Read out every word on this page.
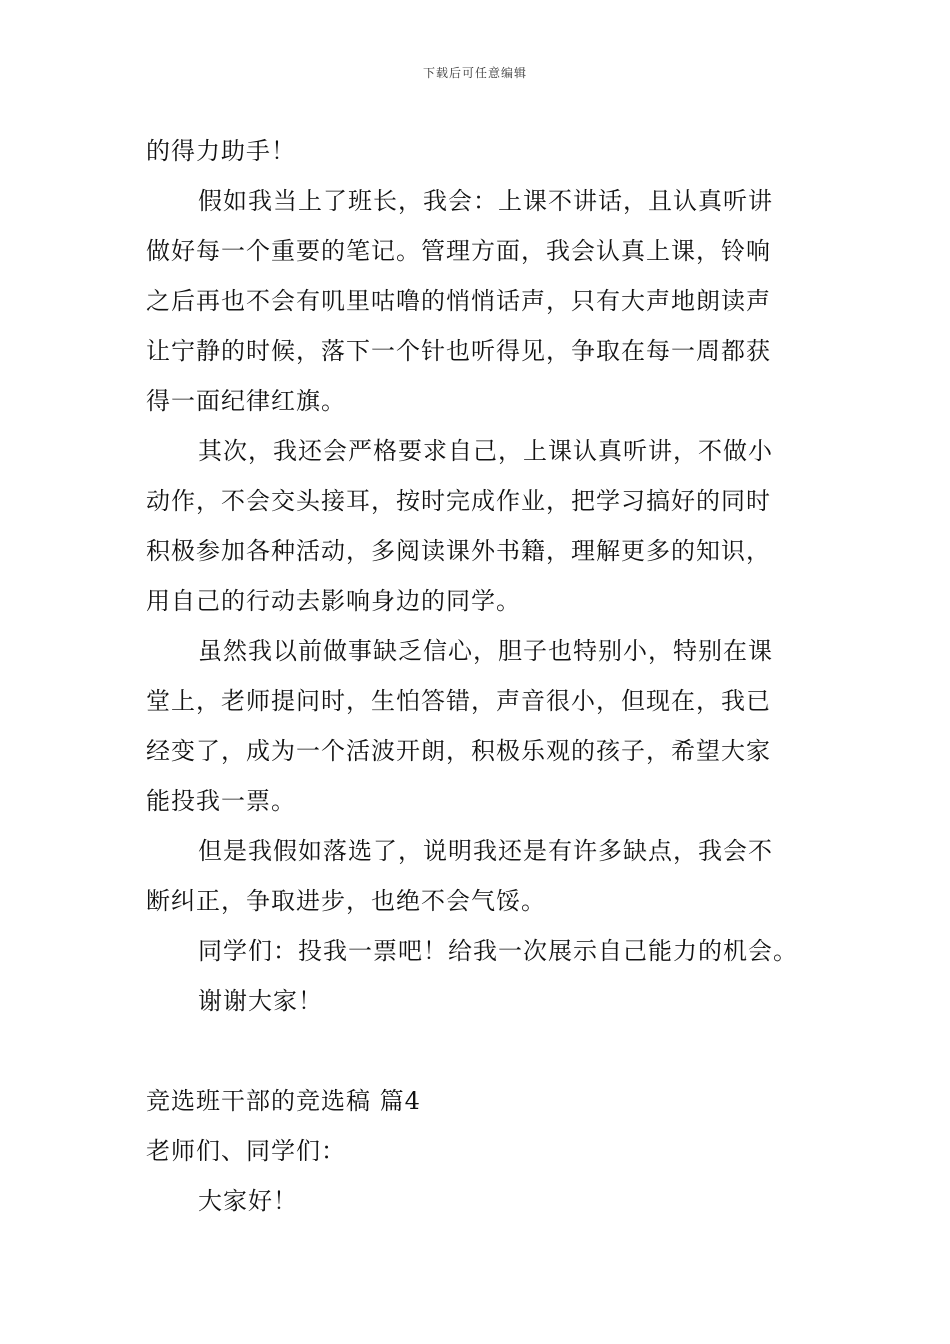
下载后可任意编辑
的得力助手！
假如我当上了班长，我会：上课不讲话，且认真听讲
做好每一个重要的笔记。管理方面，我会认真上课，铃响
之后再也不会有叽里咕噜的悄悄话声，只有大声地朗读声
让宁静的时候，落下一个针也听得见，争取在每一周都获
得一面纪律红旗。
其次，我还会严格要求自己，上课认真听讲，不做小
动作，不会交头接耳，按时完成作业，把学习搞好的同时
积极参加各种活动，多阅读课外书籍，理解更多的知识，
用自己的行动去影响身边的同学。
虽然我以前做事缺乏信心，胆子也特别小，特别在课
堂上，老师提问时，生怕答错，声音很小，但现在，我已
经变了，成为一个活波开朗，积极乐观的孩子，希望大家
能投我一票。
但是我假如落选了，说明我还是有许多缺点，我会不
断纠正，争取进步，也绝不会气馁。
同学们：投我一票吧！给我一次展示自己能力的机会。
谢谢大家！
竞选班干部的竞选稿 篇4
老师们、同学们：
大家好！
